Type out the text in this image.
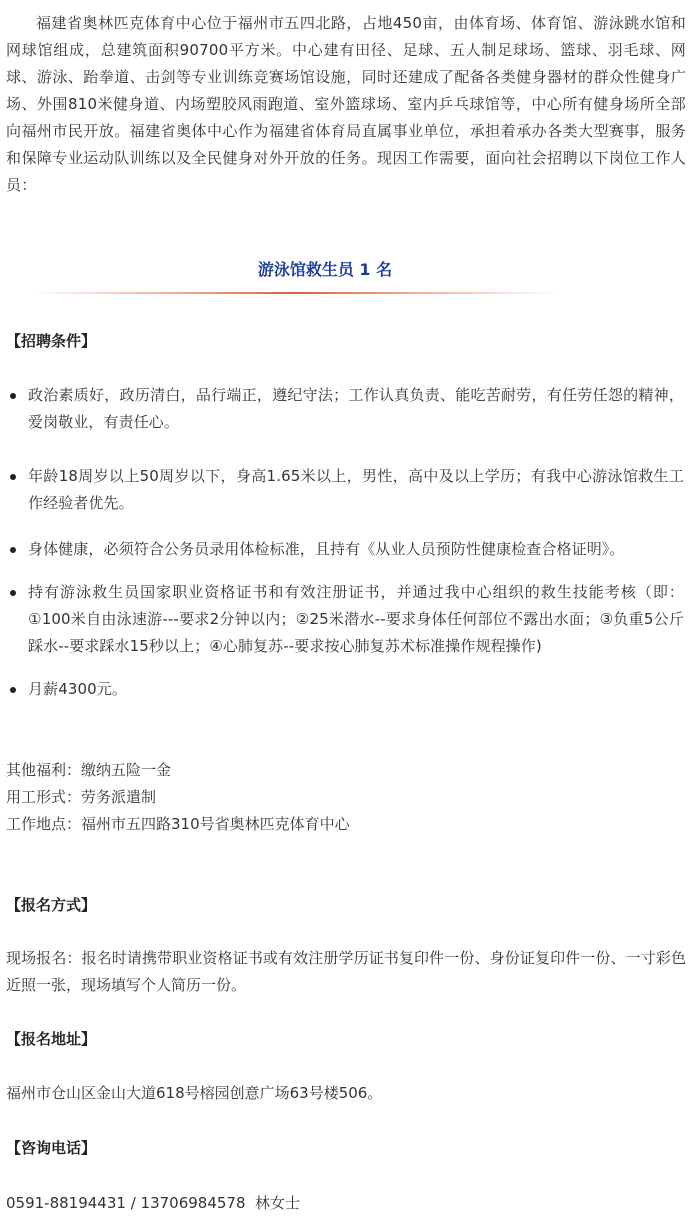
福建省奥林匹克体育中心位于福州市五四北路，占地450亩，由体育场、体育馆、游泳跳水馆和网球馆组成，总建筑面积90700平方米。中心建有田径、足球、五人制足球场、篮球、羽毛球、网球、游泳、跆拳道、击剑等专业训练竞赛场馆设施，同时还建成了配备各类健身器材的群众性健身广场、外围810米健身道、内场塑胶风雨跑道、室外篮球场、室内乒乓球馆等，中心所有健身场所全部向福州市民开放。福建省奥体中心作为福建省体育局直属事业单位，承担着承办各类大型赛事，服务和保障专业运动队训练以及全民健身对外开放的任务。现因工作需要，面向社会招聘以下岗位工作人员：

游泳馆救生员 1 名
【招聘条件】
政治素质好，政历清白，品行端正，遵纪守法；工作认真负责、能吃苦耐劳，有任劳任怨的精神，爱岗敬业，有责任心。
年龄18周岁以上50周岁以下，身高1.65米以上，男性，高中及以上学历；有我中心游泳馆救生工作经验者优先。
身体健康，必须符合公务员录用体检标准，且持有《从业人员预防性健康检查合格证明》。
持有游泳救生员国家职业资格证书和有效注册证书，并通过我中心组织的救生技能考核（即：①100米自由泳速游---要求2分钟以内；②25米潜水--要求身体任何部位不露出水面；③负重5公斤踩水--要求踩水15秒以上；④心肺复苏--要求按心肺复苏术标准操作规程操作)
月薪4300元。

其他福利：缴纳五险一金

用工形式：劳务派遣制

工作地点：福州市五四路310号省奥林匹克体育中心

【报名方式】

现场报名：报名时请携带职业资格证书或有效注册学历证书复印件一份、身份证复印件一份、一寸彩色近照一张，现场填写个人简历一份。

【报名地址】

福州市仓山区金山大道618号榕园创意广场63号楼506。

【咨询电话】

0591-88194431 / 13706984578  林女士
